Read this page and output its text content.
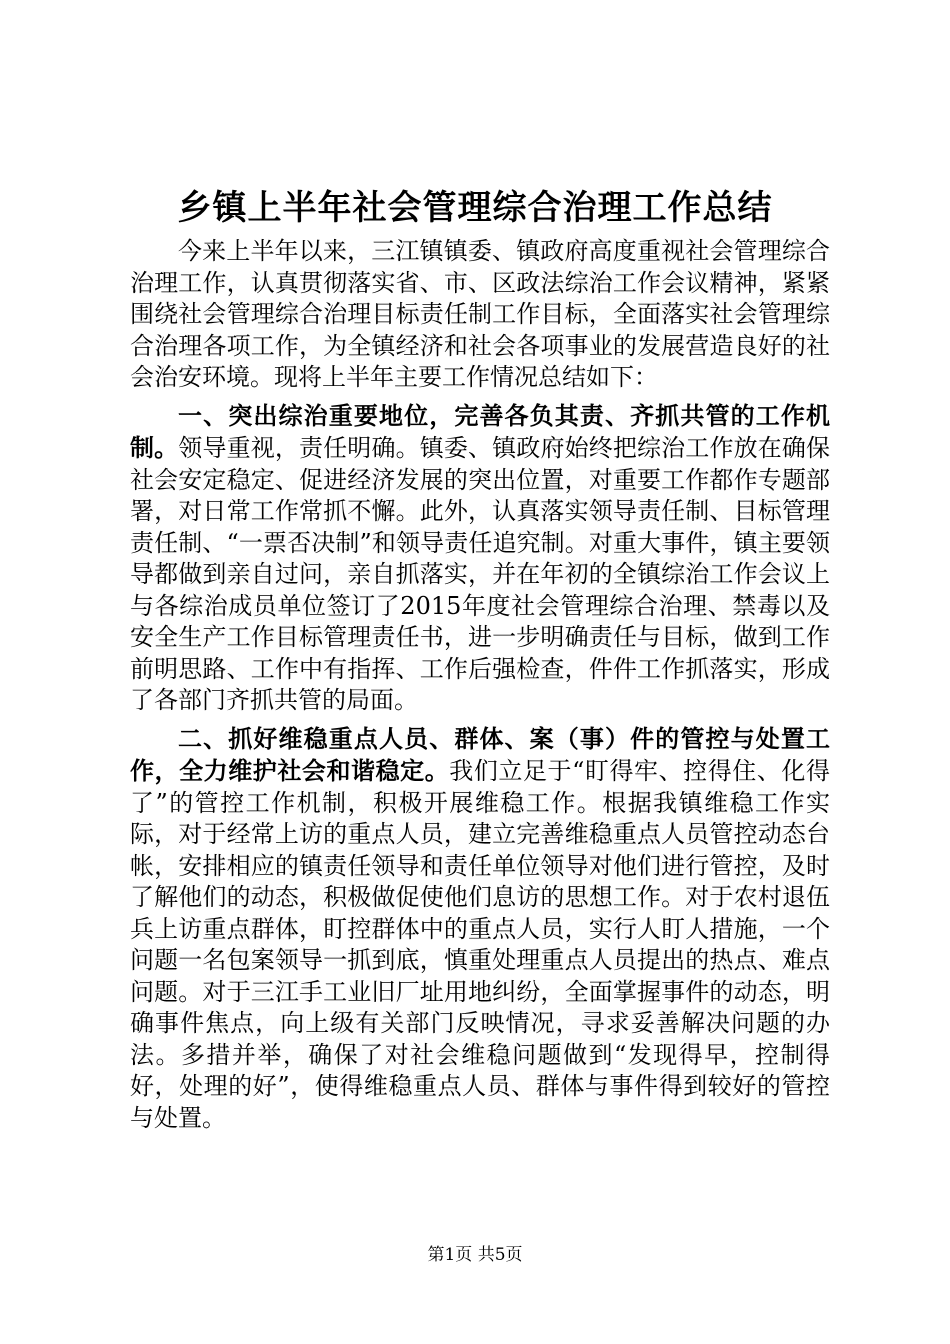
乡镇上半年社会管理综合治理工作总结

今来上半年以来，三江镇镇委、镇政府高度重视社会管理综合治理工作，认真贯彻落实省、市、区政法综治工作会议精神，紧紧围绕社会管理综合治理目标责任制工作目标，全面落实社会管理综合治理各项工作，为全镇经济和社会各项事业的发展营造良好的社会治安环境。现将上半年主要工作情况总结如下：

一、突出综治重要地位，完善各负其责、齐抓共管的工作机制。领导重视，责任明确。镇委、镇政府始终把综治工作放在确保社会安定稳定、促进经济发展的突出位置，对重要工作都作专题部署，对日常工作常抓不懈。此外，认真落实领导责任制、目标管理责任制、“一票否决制”和领导责任追究制。对重大事件，镇主要领导都做到亲自过问，亲自抓落实，并在年初的全镇综治工作会议上与各综治成员单位签订了2015年度社会管理综合治理、禁毒以及安全生产工作目标管理责任书，进一步明确责任与目标，做到工作前明思路、工作中有指挥、工作后强检查，件件工作抓落实，形成了各部门齐抓共管的局面。

二、抓好维稳重点人员、群体、案（事）件的管控与处置工作，全力维护社会和谐稳定。我们立足于“盯得牢、控得住、化得了”的管控工作机制，积极开展维稳工作。根据我镇维稳工作实际，对于经常上访的重点人员，建立完善维稳重点人员管控动态台帐，安排相应的镇责任领导和责任单位领导对他们进行管控，及时了解他们的动态，积极做促使他们息访的思想工作。对于农村退伍兵上访重点群体，盯控群体中的重点人员，实行人盯人措施，一个问题一名包案领导一抓到底，慎重处理重点人员提出的热点、难点问题。对于三江手工业旧厂址用地纠纷，全面掌握事件的动态，明确事件焦点，向上级有关部门反映情况，寻求妥善解决问题的办法。多措并举，确保了对社会维稳问题做到“发现得早，控制得好，处理的好”，使得维稳重点人员、群体与事件得到较好的管控与处置。

第1页 共5页
